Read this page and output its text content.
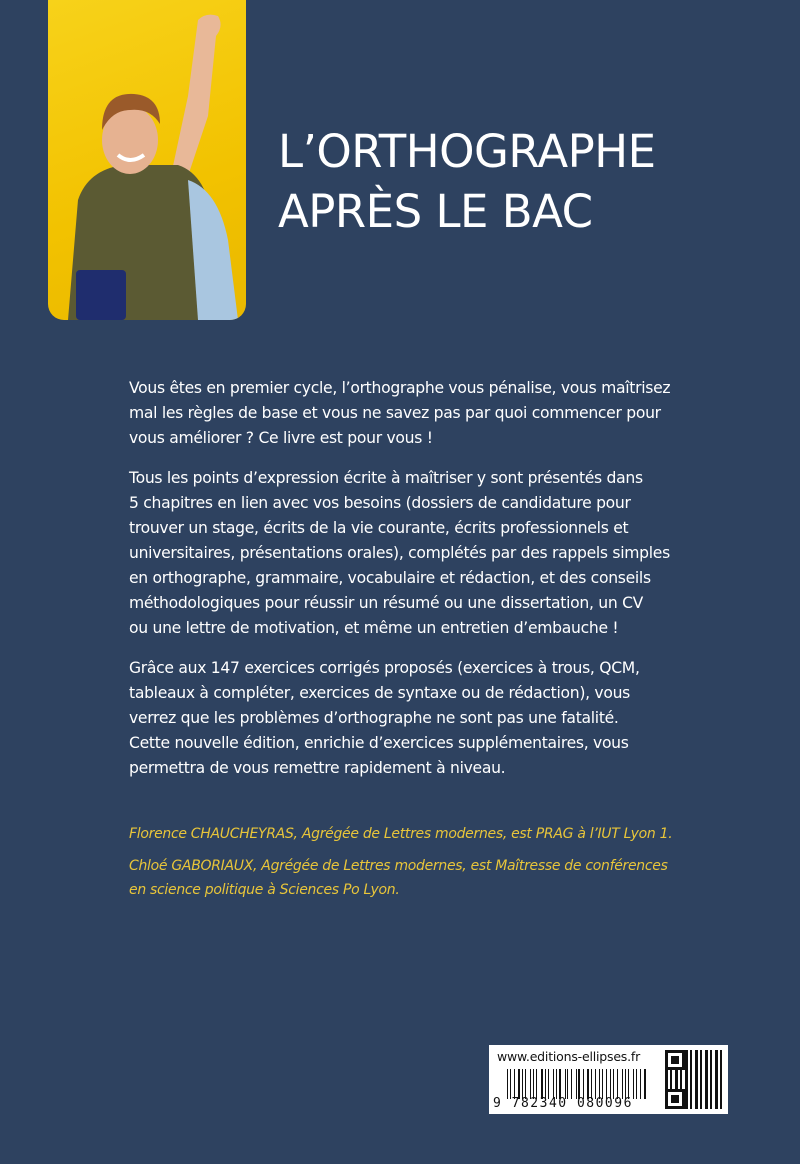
L’ORTHOGRAPHE
APRÈS LE BAC
Vous êtes en premier cycle, l’orthographe vous pénalise, vous maîtrisez
mal les règles de base et vous ne savez pas par quoi commencer pour
vous améliorer ? Ce livre est pour vous !
Tous les points d’expression écrite à maîtriser y sont présentés dans
5 chapitres en lien avec vos besoins (dossiers de candidature pour
trouver un stage, écrits de la vie courante, écrits professionnels et
universitaires, présentations orales), complétés par des rappels simples
en orthographe, grammaire, vocabulaire et rédaction, et des conseils
méthodologiques pour réussir un résumé ou une dissertation, un CV
ou une lettre de motivation, et même un entretien d’embauche !
Grâce aux 147 exercices corrigés proposés (exercices à trous, QCM,
tableaux à compléter, exercices de syntaxe ou de rédaction), vous
verrez que les problèmes d’orthographe ne sont pas une fatalité.
Cette nouvelle édition, enrichie d’exercices supplémentaires, vous
permettra de vous remettre rapidement à niveau.
Florence CHAUCHEYRAS, Agrégée de Lettres modernes, est PRAG à l’IUT Lyon 1.
Chloé GABORIAUX, Agrégée de Lettres modernes, est Maîtresse de conférences
en science politique à Sciences Po Lyon.
www.editions-ellipses.fr
9 782340 080096
